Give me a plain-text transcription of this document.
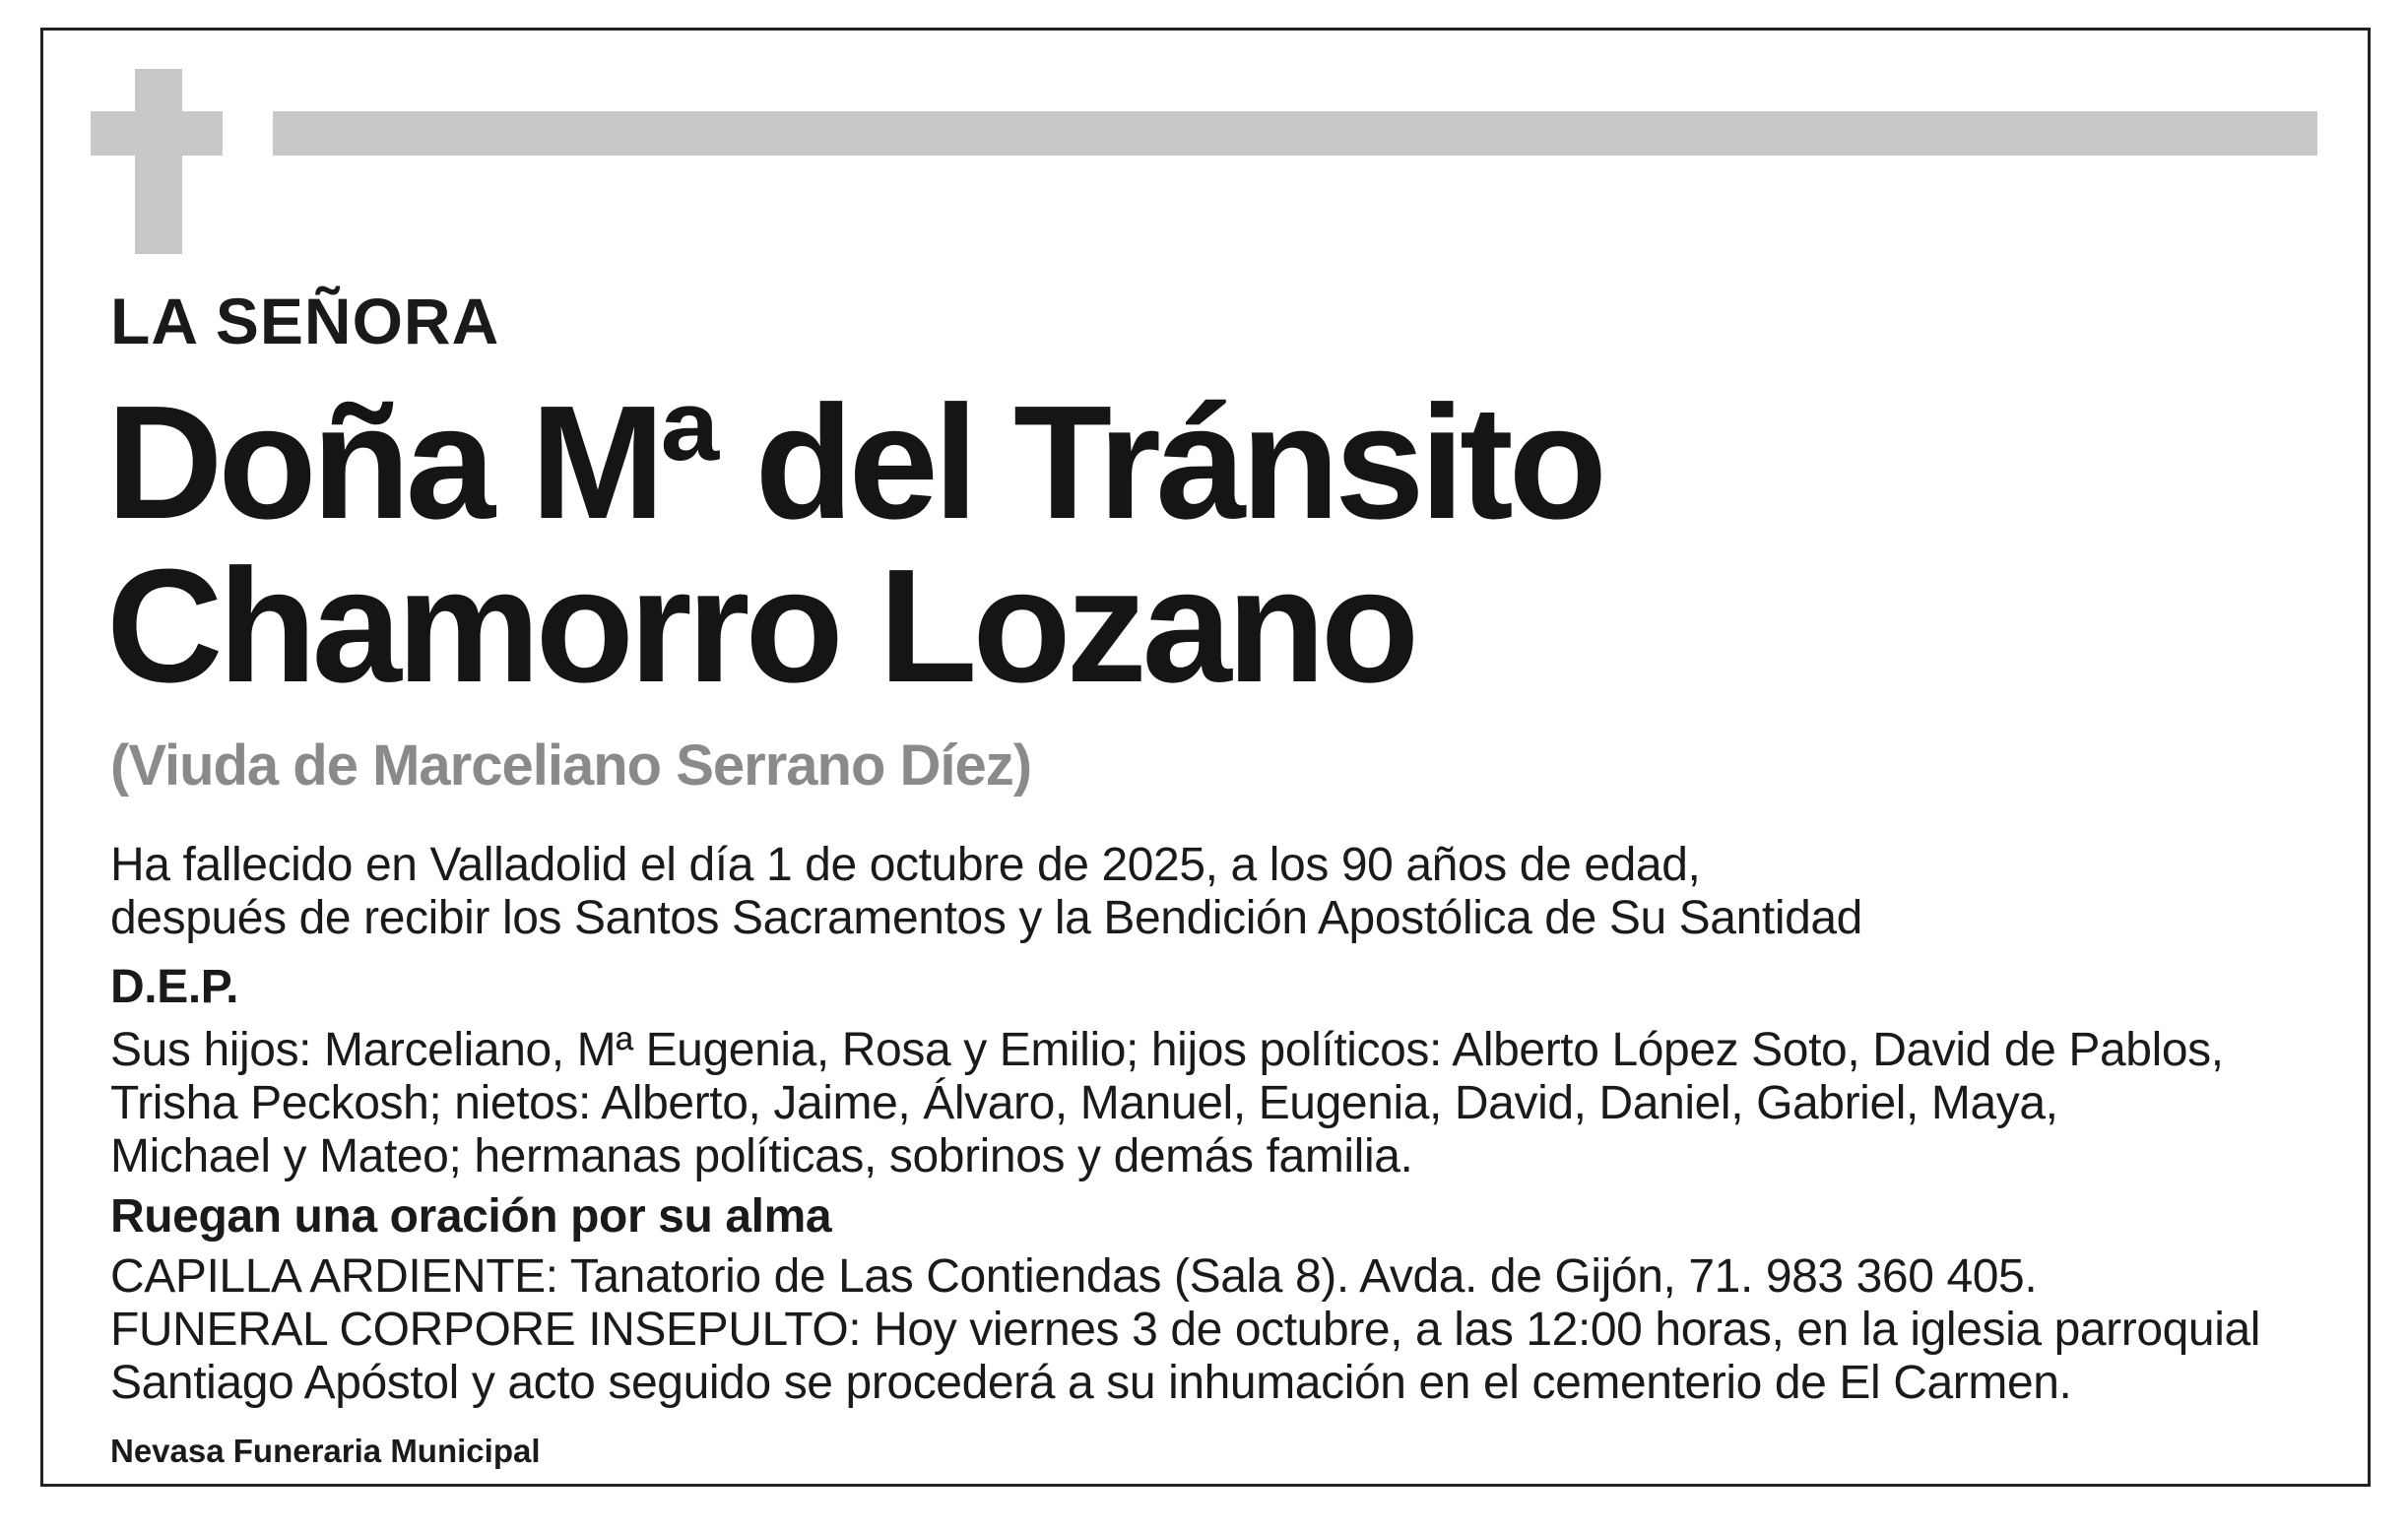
LA SEÑORA
Doña Mª del Tránsito
Chamorro Lozano
(Viuda de Marceliano Serrano Díez)
Ha fallecido en Valladolid el día 1 de octubre de 2025, a los 90 años de edad,
después de recibir los Santos Sacramentos y la Bendición Apostólica de Su Santidad
D.E.P.
Sus hijos: Marceliano, Mª Eugenia, Rosa y Emilio; hijos políticos: Alberto López Soto, David de Pablos,
Trisha Peckosh; nietos: Alberto, Jaime, Álvaro, Manuel, Eugenia, David, Daniel, Gabriel, Maya,
Michael y Mateo; hermanas políticas, sobrinos y demás familia.
Ruegan una oración por su alma
CAPILLA ARDIENTE: Tanatorio de Las Contiendas (Sala 8). Avda. de Gijón, 71. 983 360 405.
FUNERAL CORPORE INSEPULTO: Hoy viernes 3 de octubre, a las 12:00 horas, en la iglesia parroquial
Santiago Apóstol y acto seguido se procederá a su inhumación en el cementerio de El Carmen.
Nevasa Funeraria Municipal
